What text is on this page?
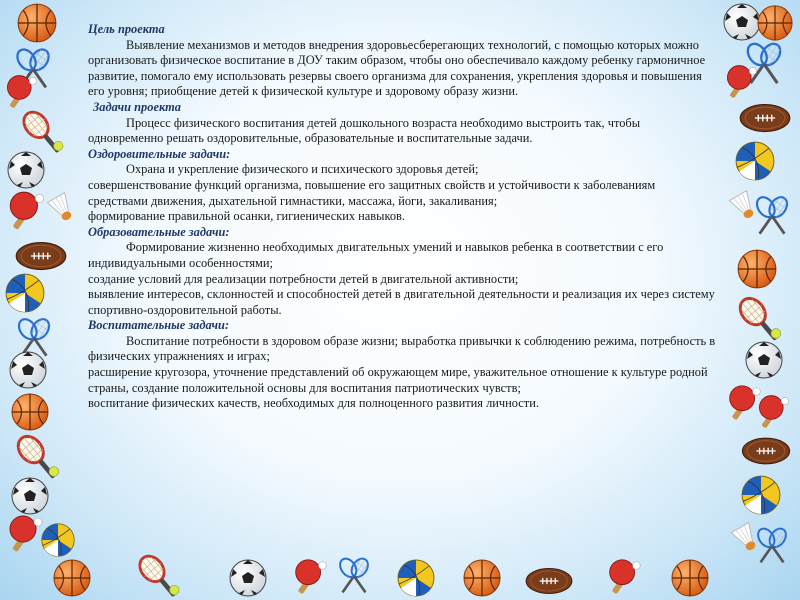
Цель проекта

Выявление механизмов и методов внедрения здоровьесберегающих технологий, с помощью которых можно организовать физическое воспитание в ДОУ таким образом, чтобы оно обеспечивало каждому ребенку гармоничное развитие, помогало ему использовать резервы своего организма для сохранения, укрепления здоровья и повышения его уровня; приобщение детей к физической культуре и здоровому образу жизни.

Задачи проекта

Процесс физического воспитания детей дошкольного возраста необходимо выстроить так, чтобы одновременно решать оздоровительные, образовательные и воспитательные задачи.

Оздоровительные задачи:

Охрана и укрепление физического и психического здоровья детей;

совершенствование функций организма, повышение его защитных свойств и устойчивости к заболеваниям средствами движения, дыхательной гимнастики, массажа, йоги, закаливания;

формирование правильной осанки, гигиенических навыков.

Образовательные задачи:

Формирование жизненно необходимых двигательных умений и навыков ребенка в соответствии с его индивидуальными особенностями;

создание условий для реализации потребности детей в двигательной активности;

выявление интересов, склонностей и способностей детей в двигательной деятельности и реализация их через систему спортивно-оздоровительной работы.

Воспитательные задачи:

Воспитание потребности в здоровом образе жизни; выработка привычки к соблюдению режима, потребность в физических упражнениях и играх;

расширение кругозора, уточнение представлений об окружающем мире, уважительное отношение к культуре родной страны, создание положительной основы для воспитания патриотических чувств;

воспитание физических качеств, необходимых для полноценного развития личности.
